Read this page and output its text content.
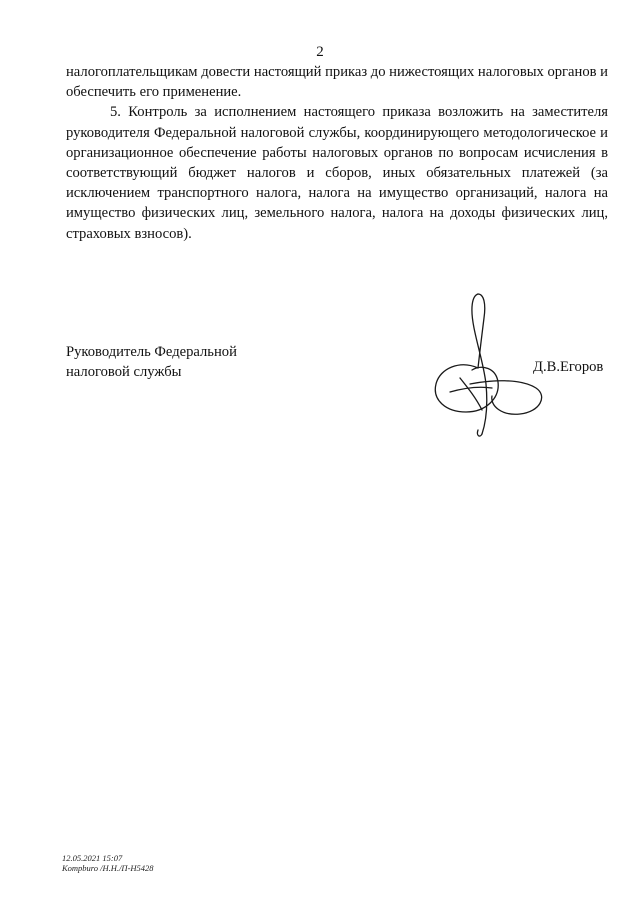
2

налогоплательщикам довести настоящий приказ до нижестоящих налоговых органов и обеспечить его применение.

5. Контроль за исполнением настоящего приказа возложить на заместителя руководителя Федеральной налоговой службы, координирующего методологическое и организационное обеспечение работы налоговых органов по вопросам исчисления в соответствующий бюджет налогов и сборов, иных обязательных платежей (за исключением транспортного налога, налога на имущество организаций, налога на имущество физических лиц, земельного налога, налога на доходы физических лиц, страховых взносов).

Руководитель Федеральной
налоговой службы	Д.В.Егоров
12.05.2021 15:07
Kompburo /Н.Н./П-Н5428
